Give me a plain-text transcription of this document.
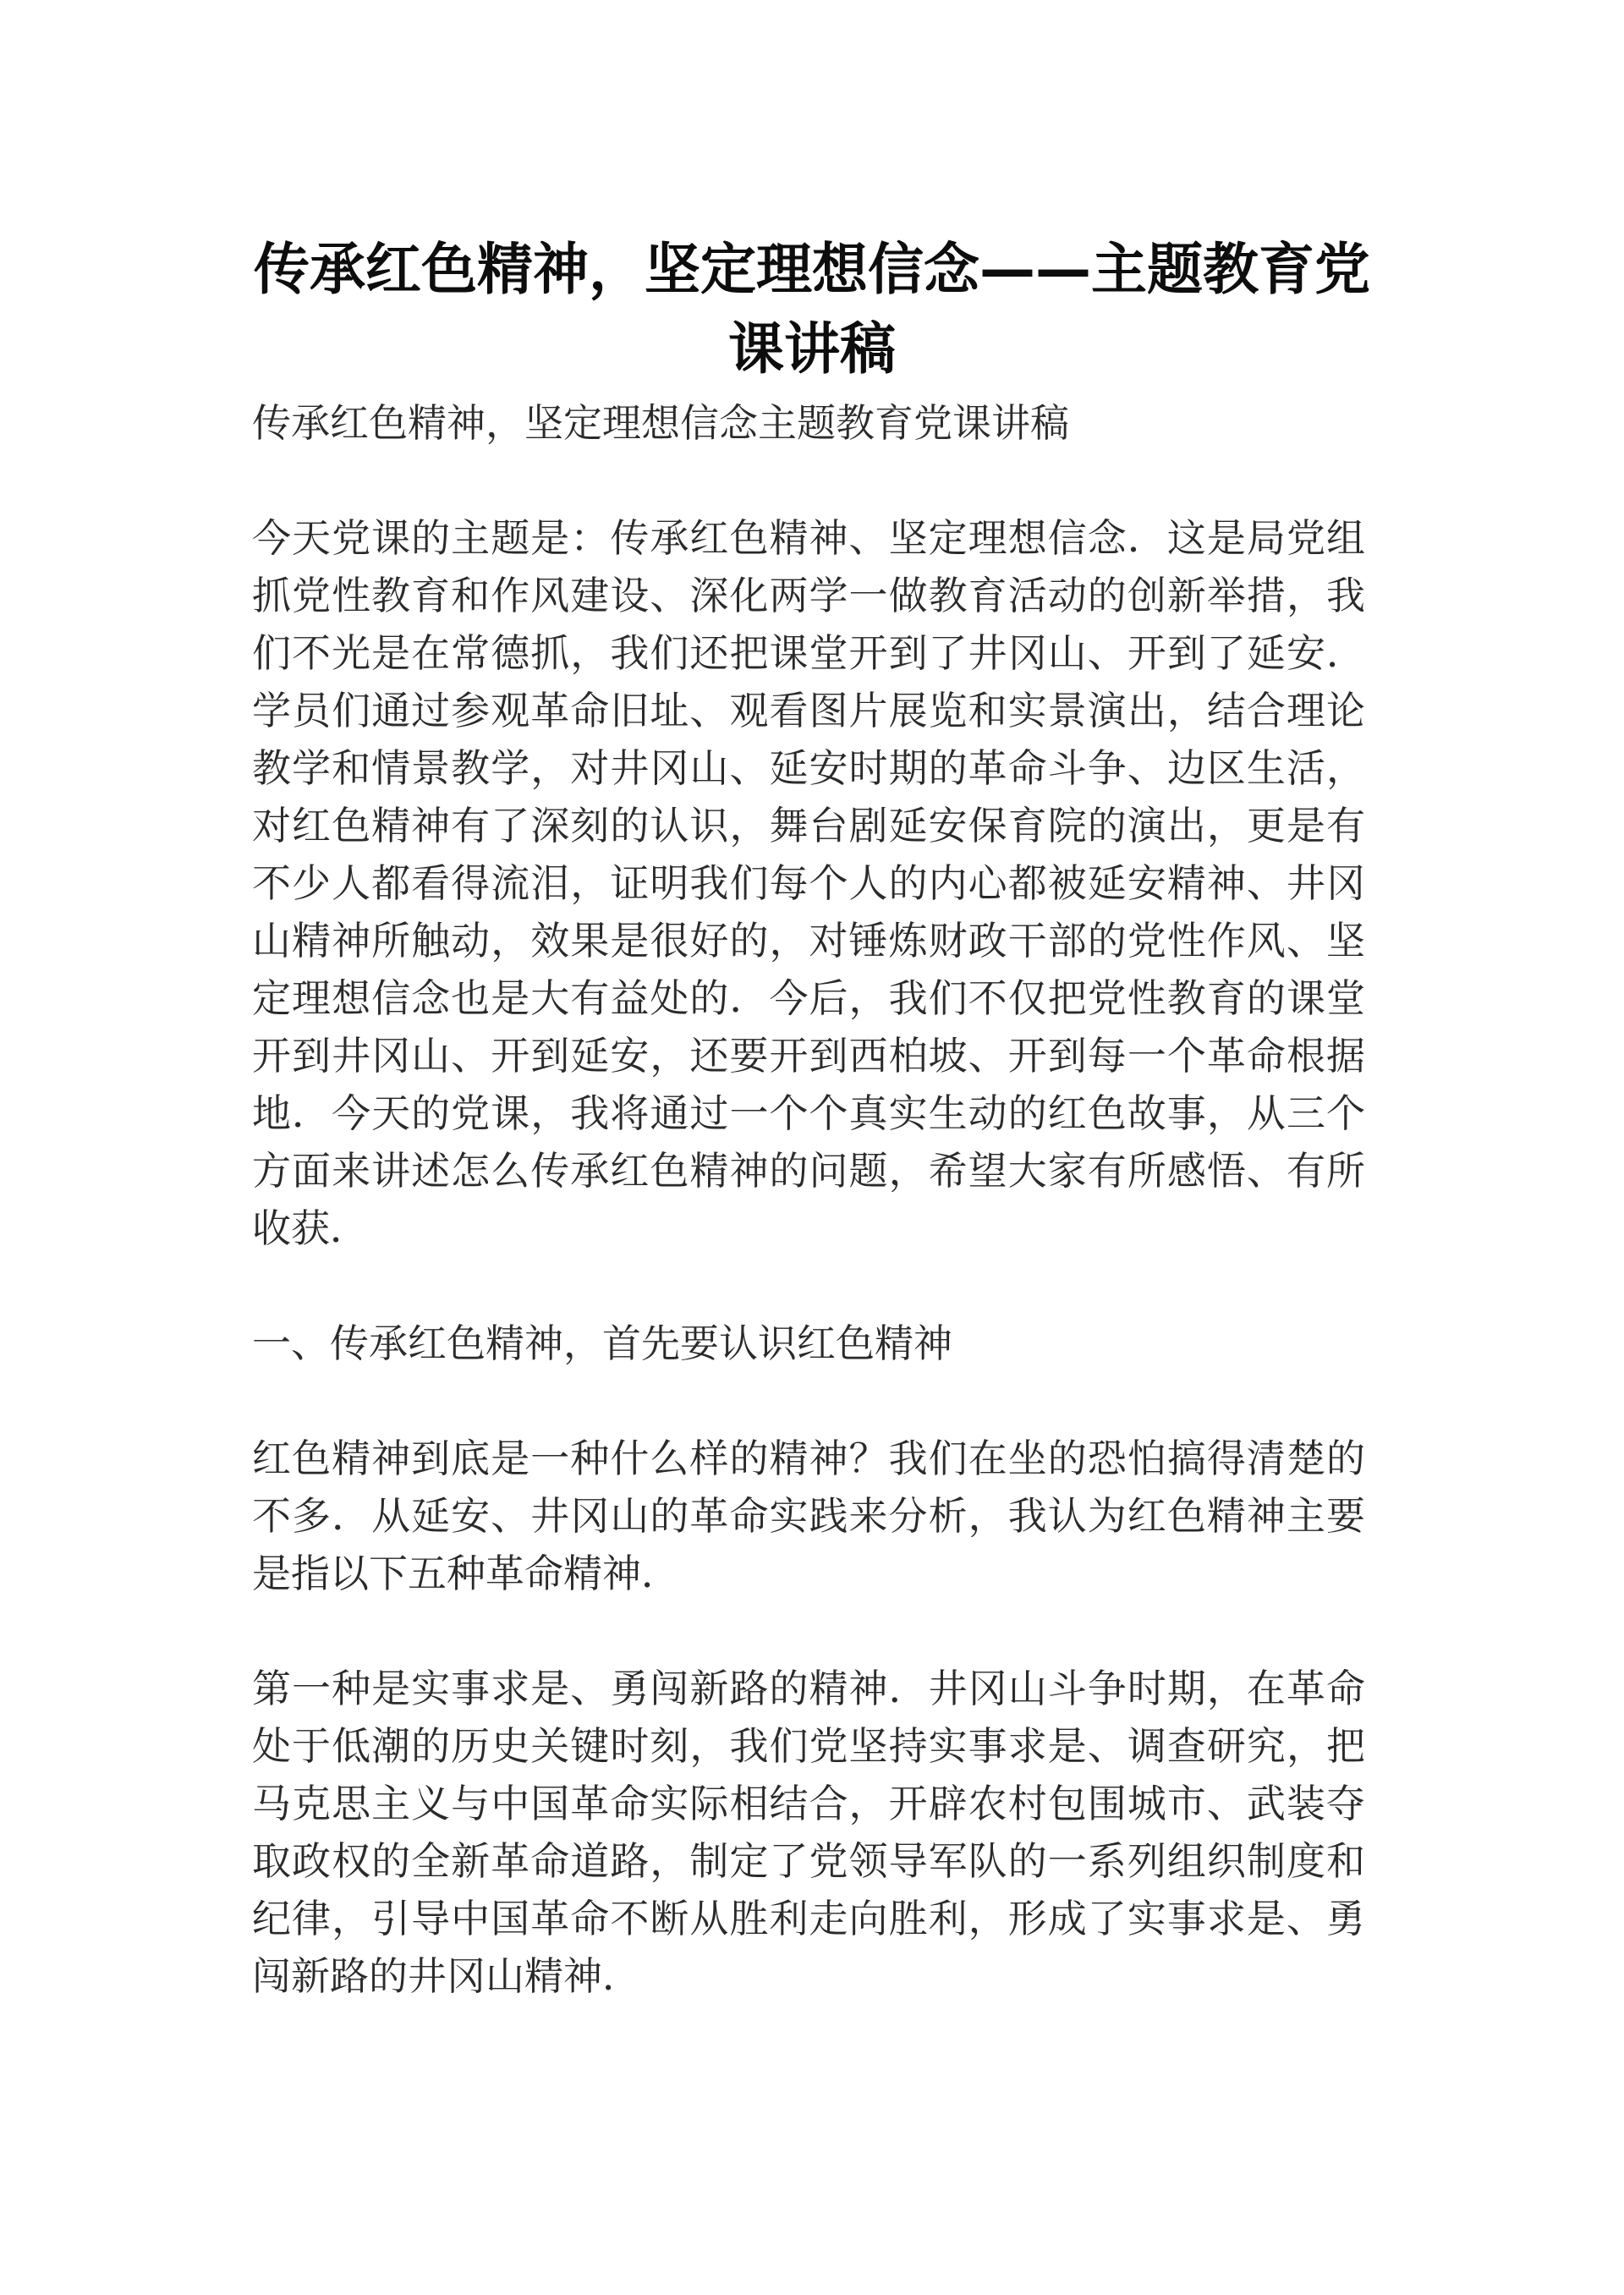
传承红色精神，坚定理想信念——主题教育党课讲稿

传承红色精神，坚定理想信念主题教育党课讲稿

今天党课的主题是：传承红色精神、坚定理想信念．这是局党组抓党性教育和作风建设、深化两学一做教育活动的创新举措，我们不光是在常德抓，我们还把课堂开到了井冈山、开到了延安．学员们通过参观革命旧址、观看图片展览和实景演出，结合理论教学和情景教学，对井冈山、延安时期的革命斗争、边区生活，对红色精神有了深刻的认识，舞台剧延安保育院的演出，更是有不少人都看得流泪，证明我们每个人的内心都被延安精神、井冈山精神所触动，效果是很好的，对锤炼财政干部的党性作风、坚定理想信念也是大有益处的．今后，我们不仅把党性教育的课堂开到井冈山、开到延安，还要开到西柏坡、开到每一个革命根据地．今天的党课，我将通过一个个真实生动的红色故事，从三个方面来讲述怎么传承红色精神的问题，希望大家有所感悟、有所收获．

一、传承红色精神，首先要认识红色精神

红色精神到底是一种什么样的精神？我们在坐的恐怕搞得清楚的不多．从延安、井冈山的革命实践来分析，我认为红色精神主要是指以下五种革命精神．

第一种是实事求是、勇闯新路的精神．井冈山斗争时期，在革命处于低潮的历史关键时刻，我们党坚持实事求是、调查研究，把马克思主义与中国革命实际相结合，开辟农村包围城市、武装夺取政权的全新革命道路，制定了党领导军队的一系列组织制度和纪律，引导中国革命不断从胜利走向胜利，形成了实事求是、勇闯新路的井冈山精神．
